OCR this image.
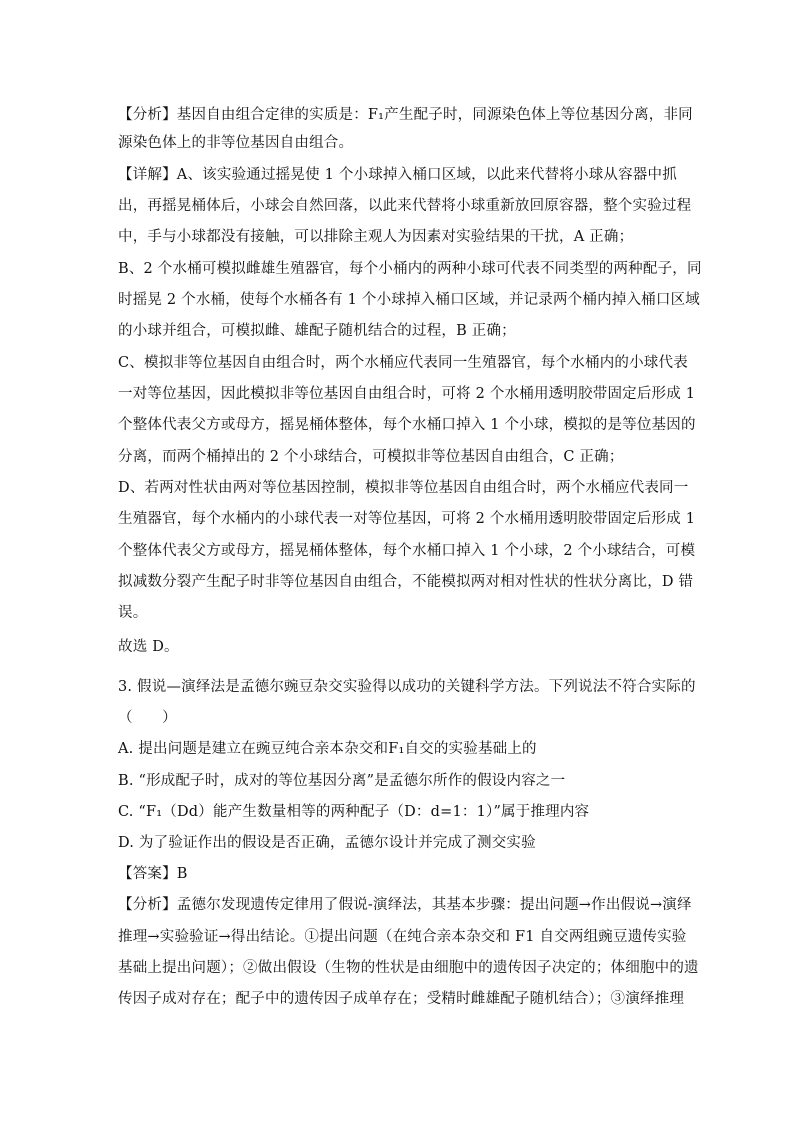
【分析】基因自由组合定律的实质是：F₁产生配子时，同源染色体上等位基因分离，非同
源染色体上的非等位基因自由组合。
【详解】A、该实验通过摇晃使 1 个小球掉入桶口区域，以此来代替将小球从容器中抓
出，再摇晃桶体后，小球会自然回落，以此来代替将小球重新放回原容器，整个实验过程
中，手与小球都没有接触，可以排除主观人为因素对实验结果的干扰，A 正确；
B、2 个水桶可模拟雌雄生殖器官，每个小桶内的两种小球可代表不同类型的两种配子，同
时摇晃 2 个水桶，使每个水桶各有 1 个小球掉入桶口区域，并记录两个桶内掉入桶口区域
的小球并组合，可模拟雌、雄配子随机结合的过程，B 正确；
C、模拟非等位基因自由组合时，两个水桶应代表同一生殖器官，每个水桶内的小球代表
一对等位基因，因此模拟非等位基因自由组合时，可将 2 个水桶用透明胶带固定后形成 1
个整体代表父方或母方，摇晃桶体整体，每个水桶口掉入 1 个小球，模拟的是等位基因的
分离，而两个桶掉出的 2 个小球结合，可模拟非等位基因自由组合，C 正确；
D、若两对性状由两对等位基因控制，模拟非等位基因自由组合时，两个水桶应代表同一
生殖器官，每个水桶内的小球代表一对等位基因，可将 2 个水桶用透明胶带固定后形成 1
个整体代表父方或母方，摇晃桶体整体，每个水桶口掉入 1 个小球，2 个小球结合，可模
拟减数分裂产生配子时非等位基因自由组合，不能模拟两对相对性状的性状分离比，D 错
误。
故选 D。
3. 假说—演绎法是孟德尔豌豆杂交实验得以成功的关键科学方法。下列说法不符合实际的
（　　）
A. 提出问题是建立在豌豆纯合亲本杂交和F₁自交的实验基础上的
B. “形成配子时，成对的等位基因分离”是孟德尔所作的假设内容之一
C. “F₁（Dd）能产生数量相等的两种配子（D：d=1：1）”属于推理内容
D. 为了验证作出的假设是否正确，孟德尔设计并完成了测交实验
【答案】B
【分析】孟德尔发现遗传定律用了假说-演绎法，其基本步骤：提出问题→作出假说→演绎
推理→实验验证→得出结论。①提出问题（在纯合亲本杂交和 F1 自交两组豌豆遗传实验
基础上提出问题）；②做出假设（生物的性状是由细胞中的遗传因子决定的；体细胞中的遗
传因子成对存在；配子中的遗传因子成单存在；受精时雌雄配子随机结合）；③演绎推理
